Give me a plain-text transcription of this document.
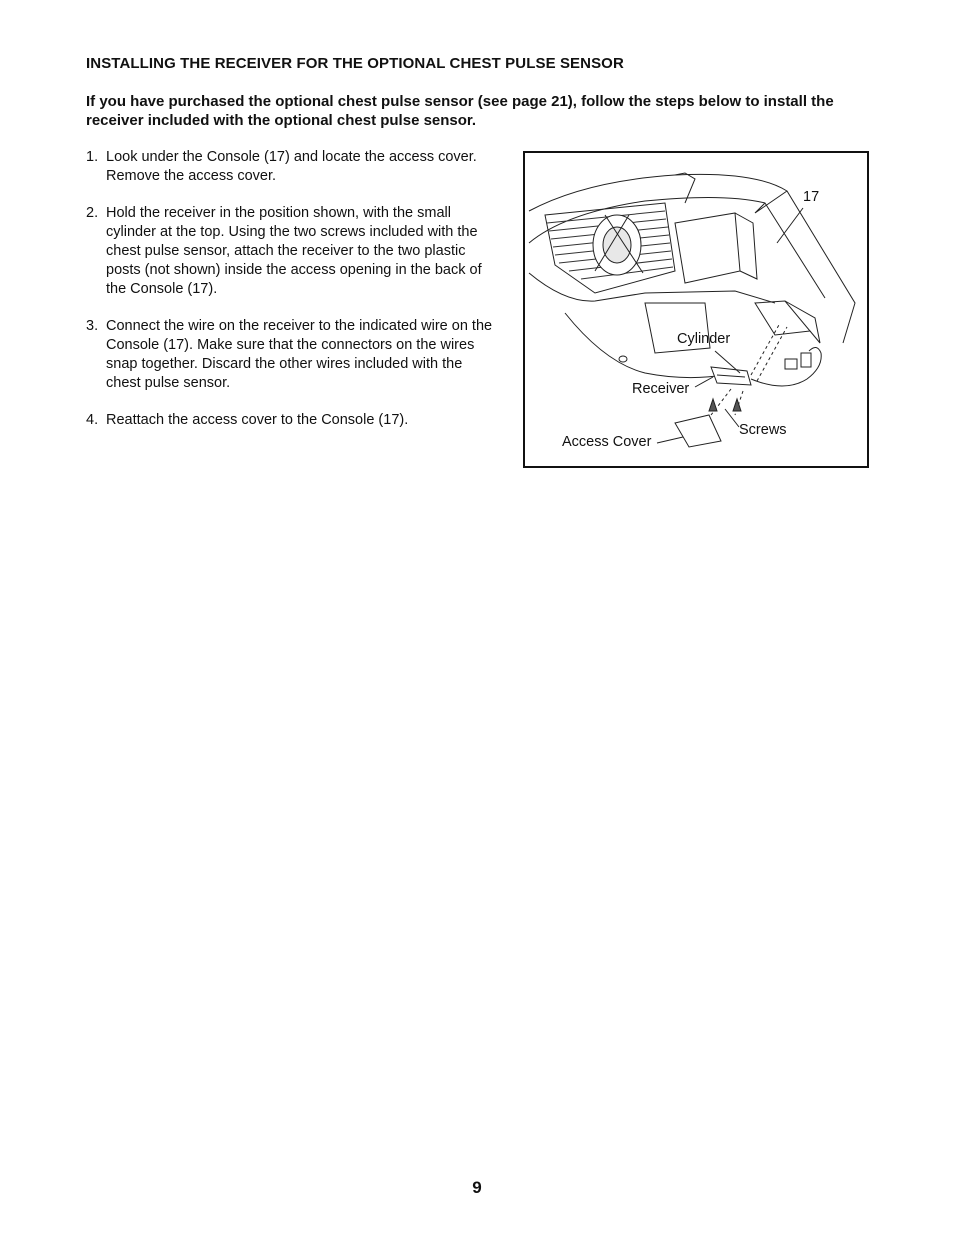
INSTALLING THE RECEIVER FOR THE OPTIONAL CHEST PULSE SENSOR
If you have purchased the optional chest pulse sensor (see page 21), follow the steps below to install the receiver included with the optional chest pulse sensor.
1. Look under the Console (17) and locate the access cover. Remove the access cover.
2. Hold the receiver in the position shown, with the small cylinder at the top. Using the two screws included with the chest pulse sensor, attach the receiver to the two plastic posts (not shown) inside the access opening in the back of the Console (17).
3. Connect the wire on the receiver to the indicated wire on the Console (17). Make sure that the connectors on the wires snap together. Discard the other wires included with the chest pulse sensor.
4. Reattach the access cover to the Console (17).
17
Cylinder
Receiver
Screws
Access Cover
9
